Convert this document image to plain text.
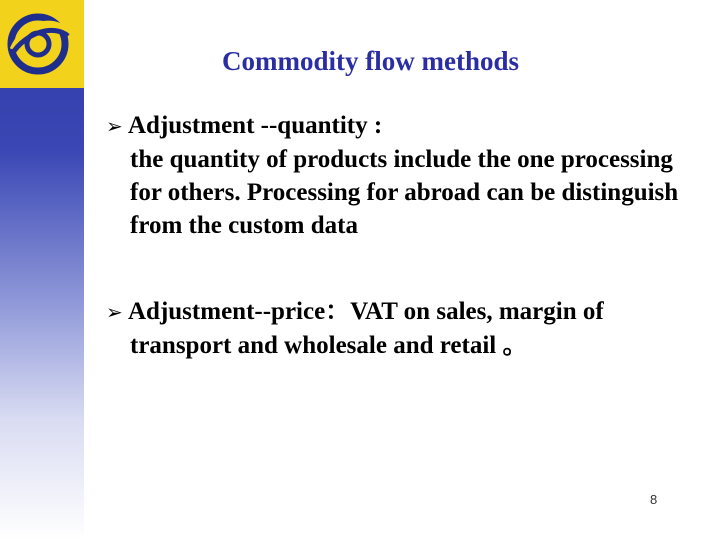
Commodity flow methods
➢ Adjustment --quantity :
the quantity of products include the one processing for others. Processing for abroad can be distinguish from the custom data
➢ Adjustment--price：VAT on sales, margin of
transport and wholesale and retail 。
8
